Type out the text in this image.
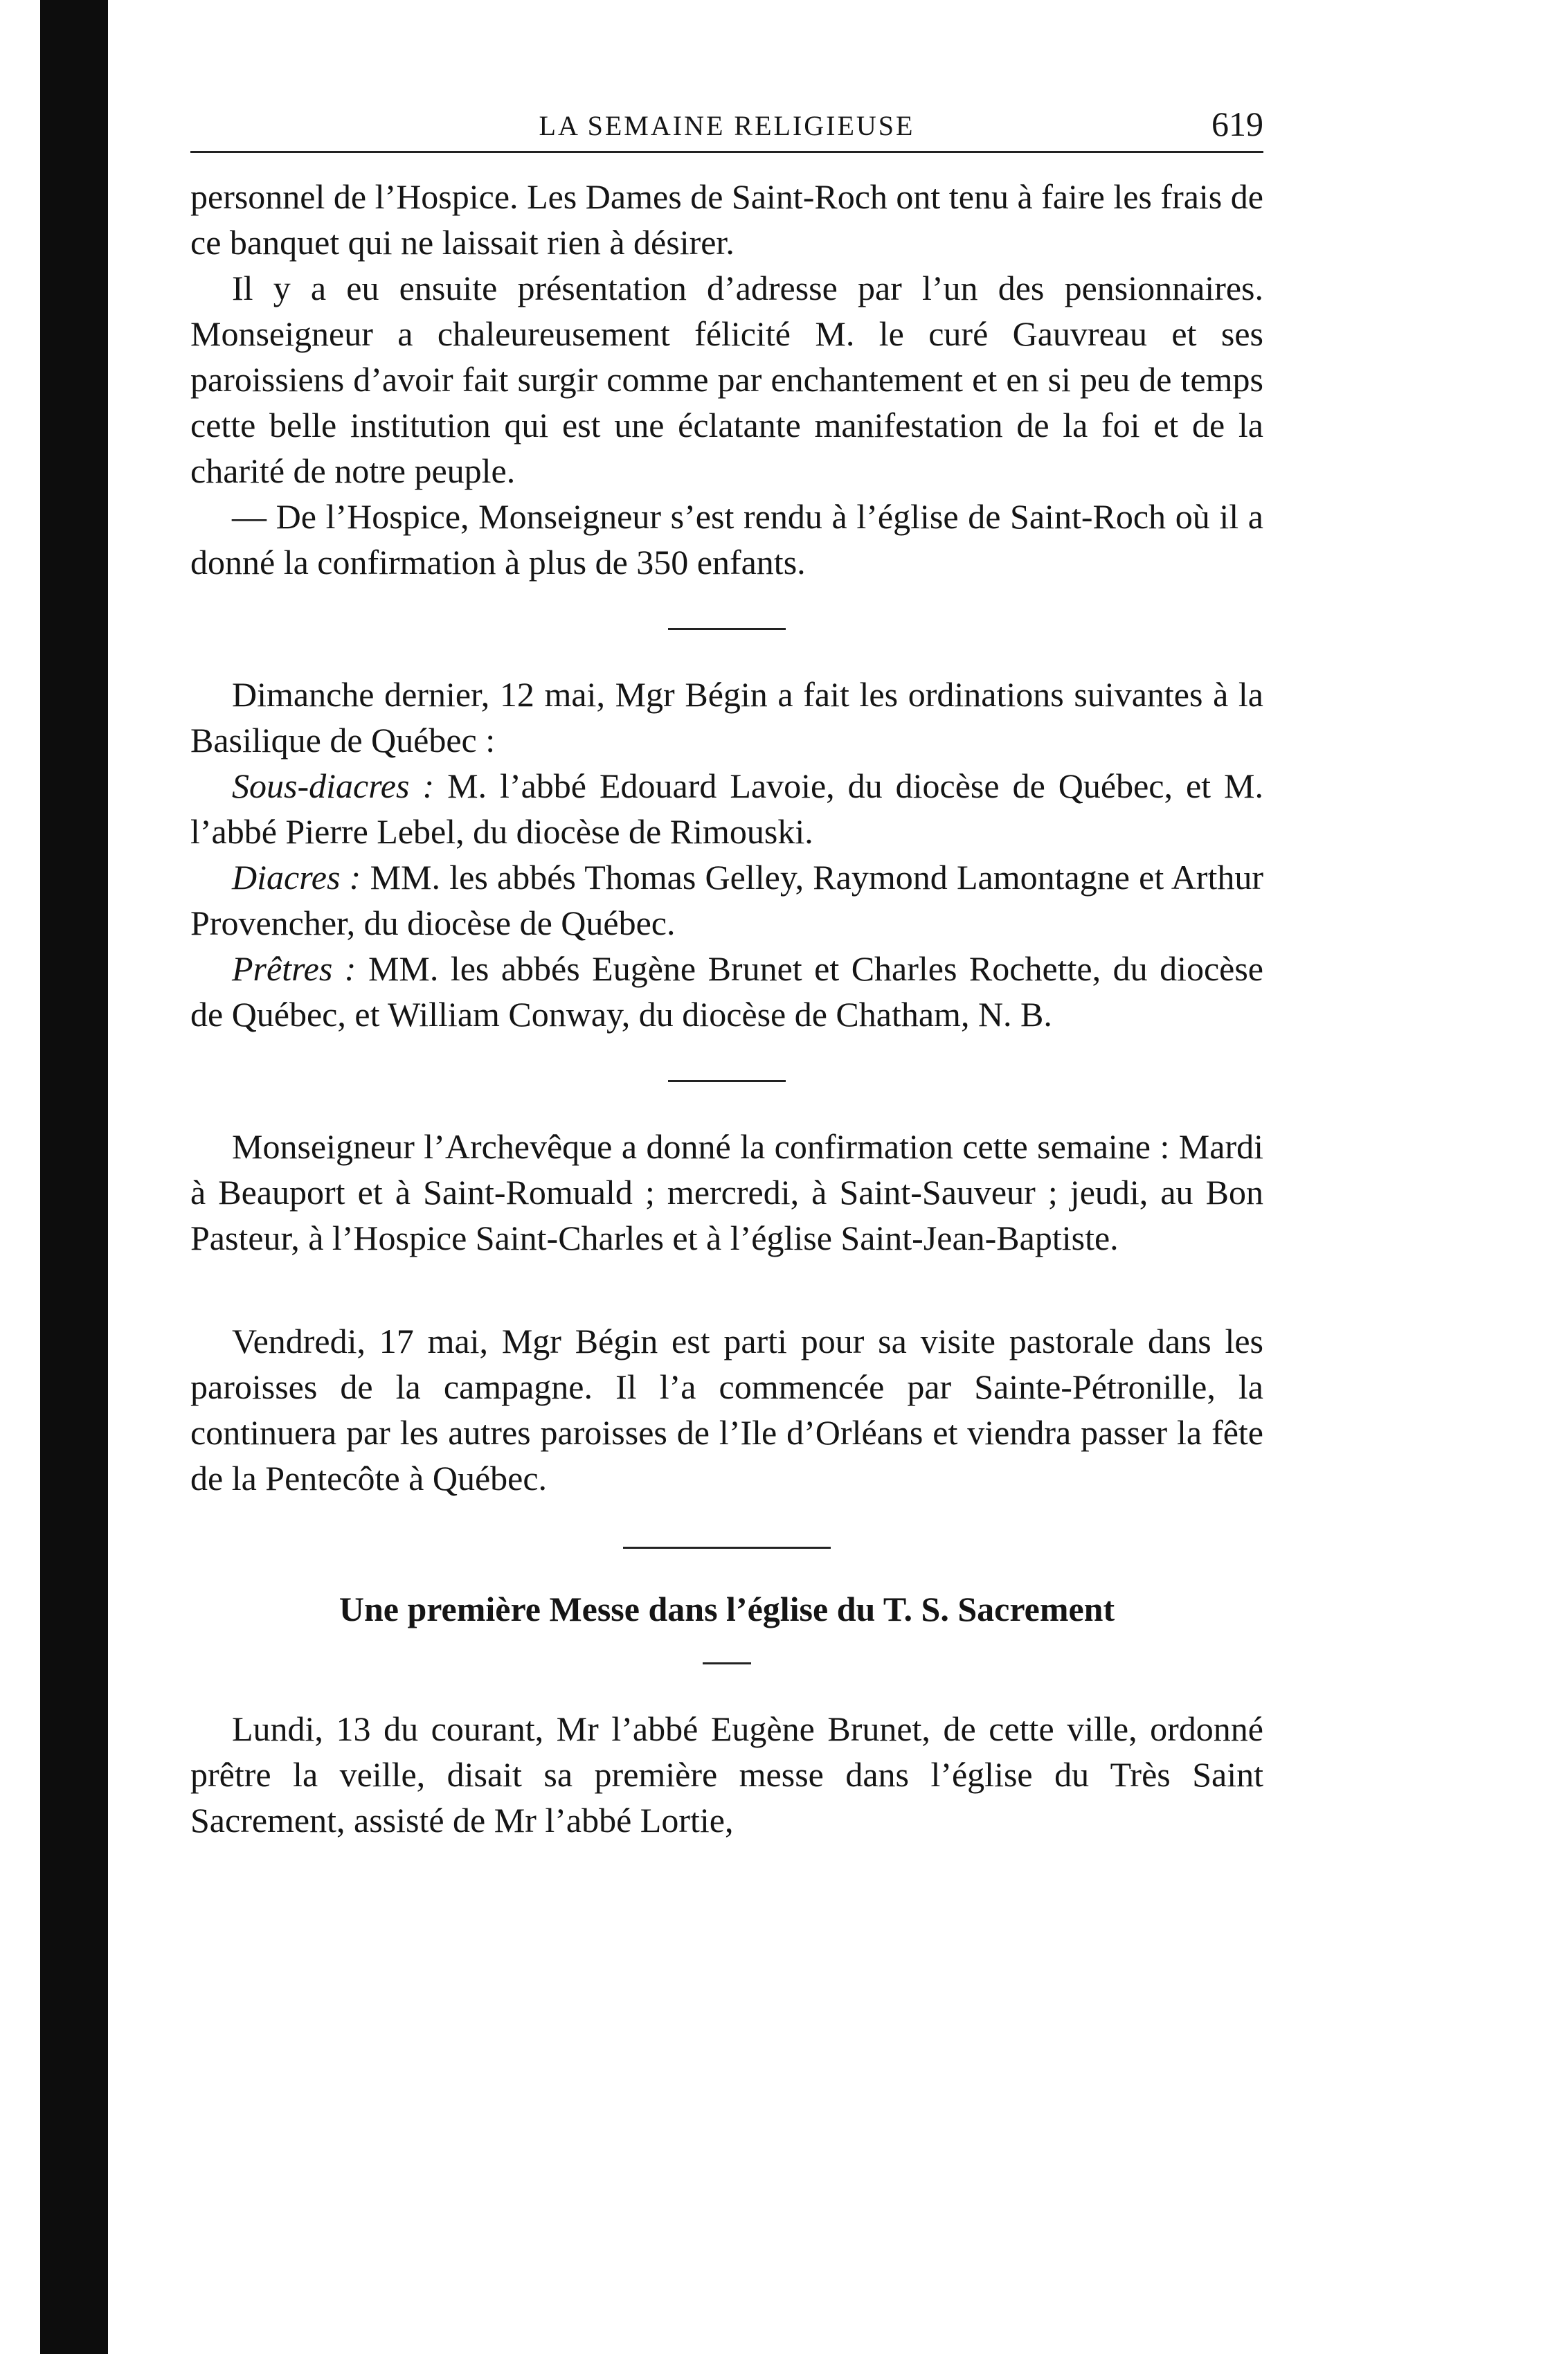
LA SEMAINE RELIGIEUSE	619

personnel de l’Hospice. Les Dames de Saint-Roch ont tenu à faire les frais de ce banquet qui ne laissait rien à désirer.

Il y a eu ensuite présentation d’adresse par l’un des pensionnaires. Monseigneur a chaleureusement félicité M. le curé Gauvreau et ses paroissiens d’avoir fait surgir comme par enchantement et en si peu de temps cette belle institution qui est une éclatante manifestation de la foi et de la charité de notre peuple.

— De l’Hospice, Monseigneur s’est rendu à l’église de Saint-Roch où il a donné la confirmation à plus de 350 enfants.

Dimanche dernier, 12 mai, Mgr Bégin a fait les ordinations suivantes à la Basilique de Québec :

Sous-diacres : M. l’abbé Edouard Lavoie, du diocèse de Québec, et M. l’abbé Pierre Lebel, du diocèse de Rimouski.

Diacres : MM. les abbés Thomas Gelley, Raymond Lamontagne et Arthur Provencher, du diocèse de Québec.

Prêtres : MM. les abbés Eugène Brunet et Charles Rochette, du diocèse de Québec, et William Conway, du diocèse de Chatham, N. B.

Monseigneur l’Archevêque a donné la confirmation cette semaine : Mardi à Beauport et à Saint-Romuald ; mercredi, à Saint-Sauveur ; jeudi, au Bon Pasteur, à l’Hospice Saint-Charles et à l’église Saint-Jean-Baptiste.

Vendredi, 17 mai, Mgr Bégin est parti pour sa visite pastorale dans les paroisses de la campagne. Il l’a commencée par Sainte-Pétronille, la continuera par les autres paroisses de l’Ile d’Orléans et viendra passer la fête de la Pentecôte à Québec.

Une première Messe dans l’église du T. S. Sacrement

Lundi, 13 du courant, Mr l’abbé Eugène Brunet, de cette ville, ordonné prêtre la veille, disait sa première messe dans l’église du Très Saint Sacrement, assisté de Mr l’abbé Lortie,
